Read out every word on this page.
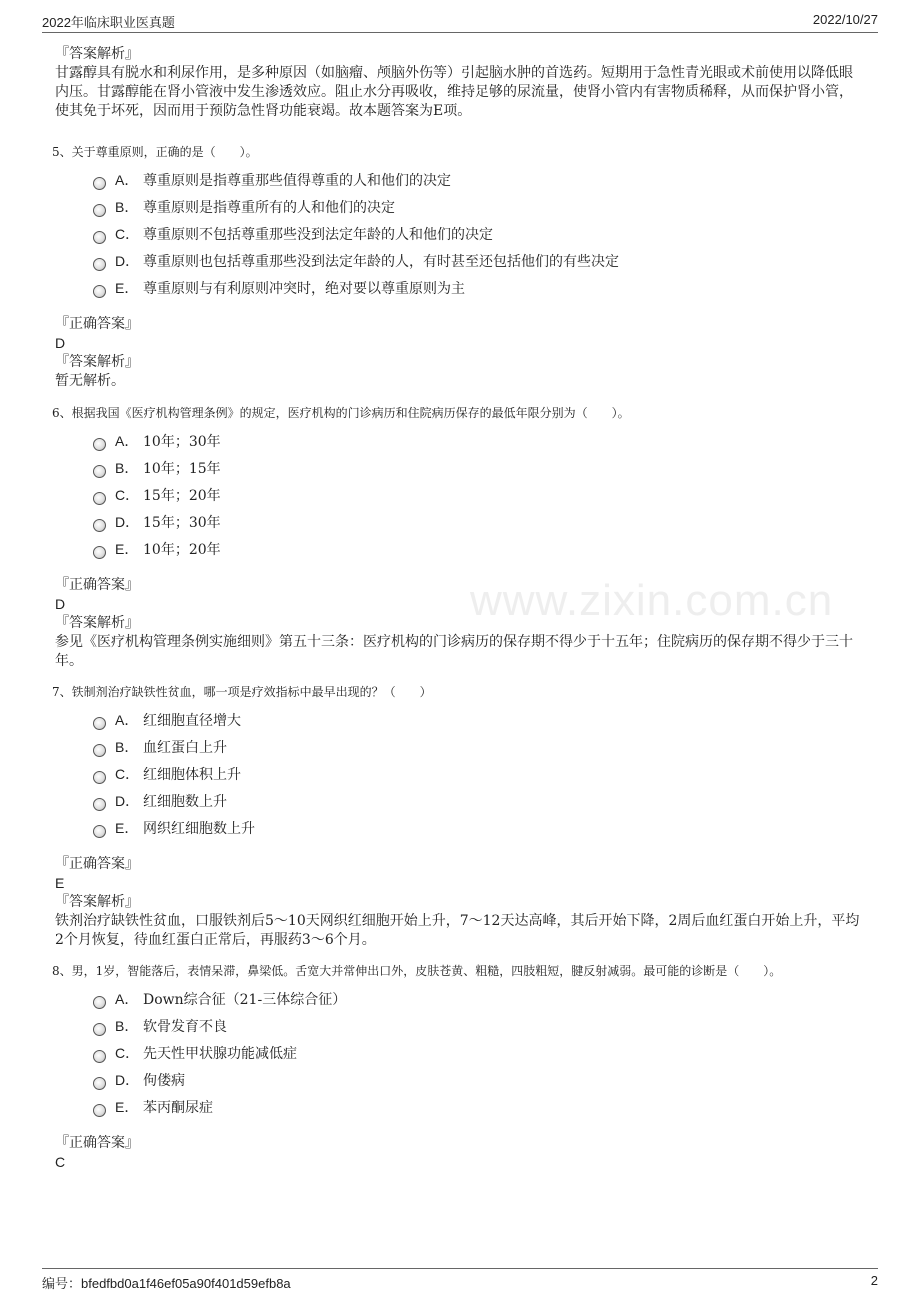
2022年临床职业医真题	2022/10/27
www.zixin.com.cn
『答案解析』
甘露醇具有脱水和利尿作用，是多种原因（如脑瘤、颅脑外伤等）引起脑水肿的首选药。短期用于急性青光眼或术前使用以降低眼内压。甘露醇能在肾小管液中发生渗透效应。阻止水分再吸收，维持足够的尿流量，使肾小管内有害物质稀释，从而保护肾小管，使其免于坏死，因而用于预防急性肾功能衰竭。故本题答案为E项。
5、关于尊重原则，正确的是（　　）。
A． 尊重原则是指尊重那些值得尊重的人和他们的决定
B． 尊重原则是指尊重所有的人和他们的决定
C． 尊重原则不包括尊重那些没到法定年龄的人和他们的决定
D． 尊重原则也包括尊重那些没到法定年龄的人，有时甚至还包括他们的有些决定
E． 尊重原则与有利原则冲突时，绝对要以尊重原则为主
『正确答案』
D
『答案解析』
暂无解析。
6、根据我国《医疗机构管理条例》的规定，医疗机构的门诊病历和住院病历保存的最低年限分别为（　　）。
A． 10年；30年
B． 10年；15年
C． 15年；20年
D． 15年；30年
E． 10年；20年
『正确答案』
D
『答案解析』
参见《医疗机构管理条例实施细则》第五十三条：医疗机构的门诊病历的保存期不得少于十五年；住院病历的保存期不得少于三十年。
7、铁制剂治疗缺铁性贫血，哪一项是疗效指标中最早出现的？（　　）
A． 红细胞直径增大
B． 血红蛋白上升
C． 红细胞体积上升
D． 红细胞数上升
E． 网织红细胞数上升
『正确答案』
E
『答案解析』
铁剂治疗缺铁性贫血，口服铁剂后5～10天网织红细胞开始上升，7～12天达高峰，其后开始下降，2周后血红蛋白开始上升，平均2个月恢复，待血红蛋白正常后，再服药3～6个月。
8、男，1岁，智能落后，表情呆滞，鼻梁低。舌宽大并常伸出口外，皮肤苍黄、粗糙，四肢粗短，腱反射减弱。最可能的诊断是（　　）。
A． Down综合征（21-三体综合征）
B． 软骨发育不良
C． 先天性甲状腺功能减低症
D． 佝偻病
E． 苯丙酮尿症
『正确答案』
C
编号：bfedfbd0a1f46ef05a90f401d59efb8a	2
